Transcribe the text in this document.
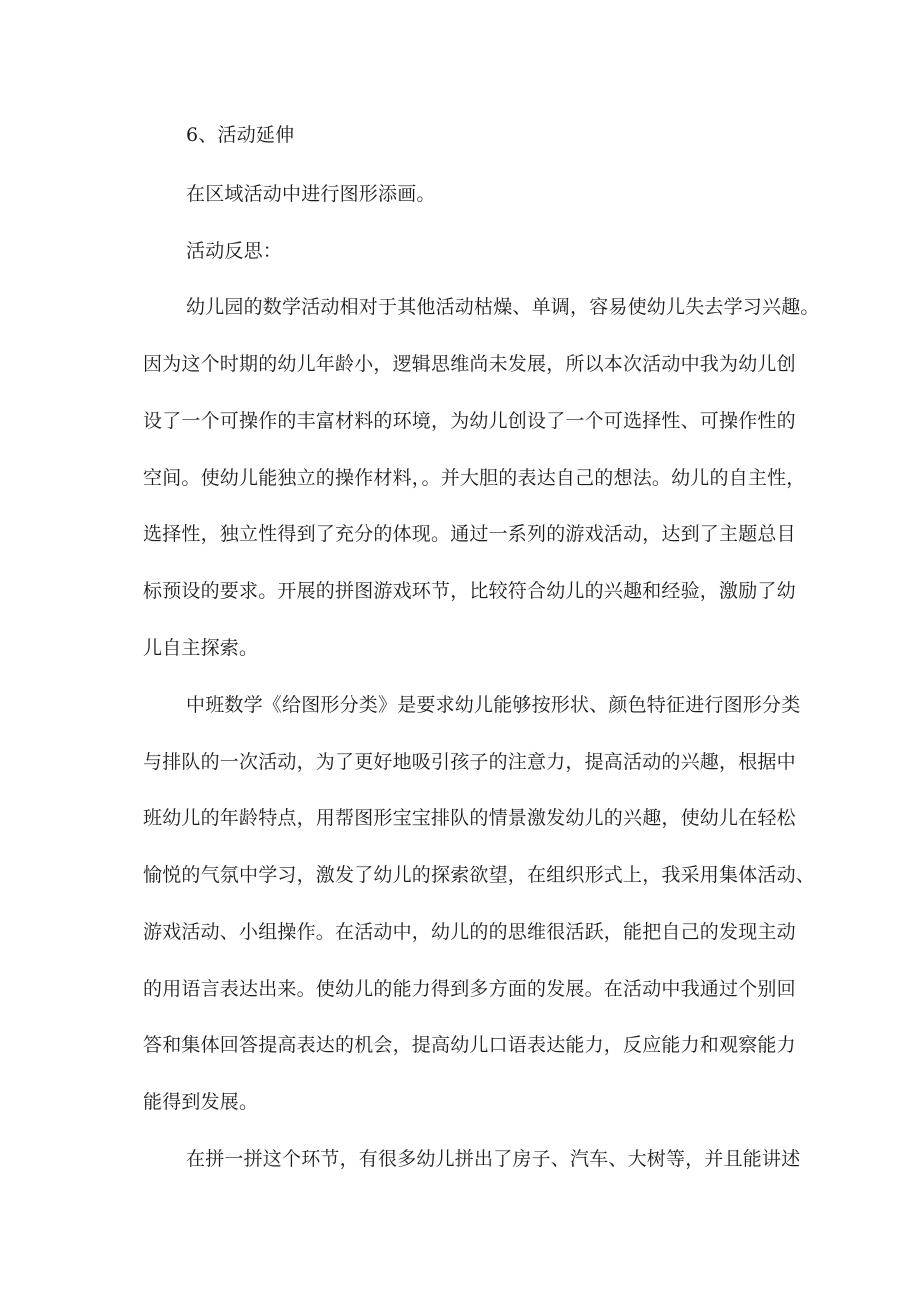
6、活动延伸
在区域活动中进行图形添画。
活动反思：
幼儿园的数学活动相对于其他活动枯燥、单调，容易使幼儿失去学习兴趣。
因为这个时期的幼儿年龄小，逻辑思维尚未发展，所以本次活动中我为幼儿创
设了一个可操作的丰富材料的环境，为幼儿创设了一个可选择性、可操作性的
空间。使幼儿能独立的操作材料，。并大胆的表达自己的想法。幼儿的自主性，
选择性，独立性得到了充分的体现。通过一系列的游戏活动，达到了主题总目
标预设的要求。开展的拼图游戏环节，比较符合幼儿的兴趣和经验，激励了幼
儿自主探索。
中班数学《给图形分类》是要求幼儿能够按形状、颜色特征进行图形分类
与排队的一次活动，为了更好地吸引孩子的注意力，提高活动的兴趣，根据中
班幼儿的年龄特点，用帮图形宝宝排队的情景激发幼儿的兴趣，使幼儿在轻松
愉悦的气氛中学习，激发了幼儿的探索欲望，在组织形式上，我采用集体活动、
游戏活动、小组操作。在活动中，幼儿的的思维很活跃，能把自己的发现主动
的用语言表达出来。使幼儿的能力得到多方面的发展。在活动中我通过个别回
答和集体回答提高表达的机会，提高幼儿口语表达能力，反应能力和观察能力
能得到发展。
在拼一拼这个环节，有很多幼儿拼出了房子、汽车、大树等，并且能讲述
